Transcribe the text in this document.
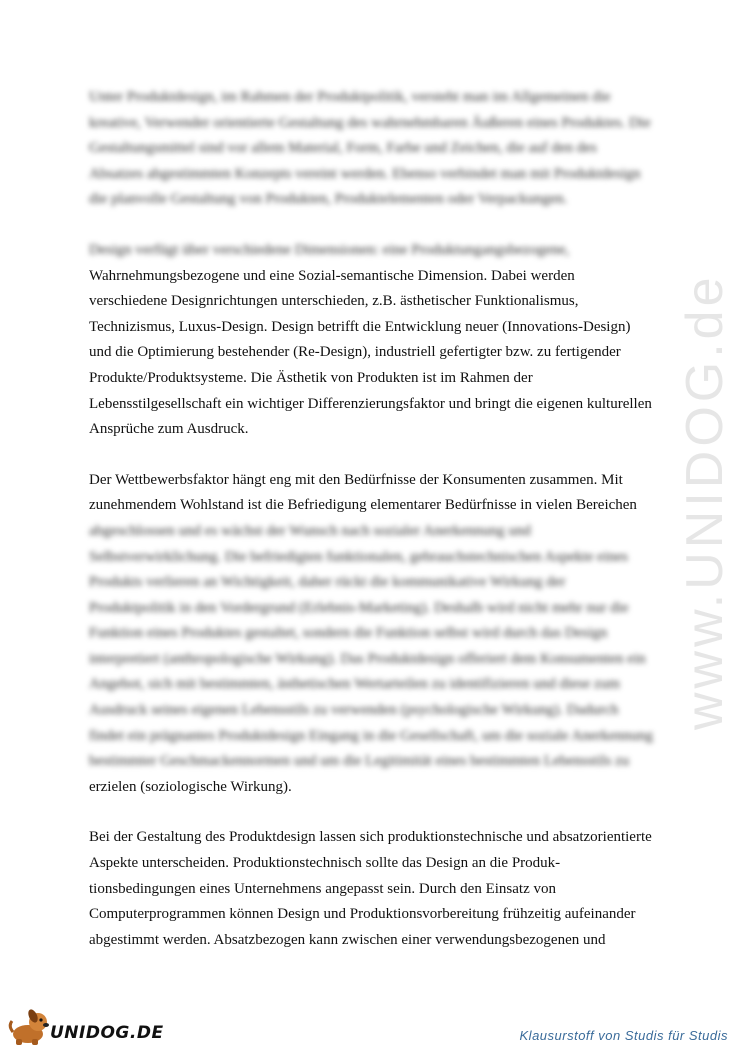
Unter Produktdesign, im Rahmen der Produktpolitik, versteht man im Allgemeinen die

kreative, Verwender orientierte Gestaltung des wahrnehmbaren Äußeren eines Produktes. Die

Gestaltungsmittel sind vor allem Material, Form, Farbe und Zeichen, die auf den des

Absatzes abgestimmten Konzepts vereint werden. Ebenso verbindet man mit Produktdesign

die planvolle Gestaltung von Produkten, Produktelementen oder Verpackungen.

Design verfügt über verschiedene Dimensionen: eine Produktungangsbezogene,

Wahrnehmungsbezogene und eine Sozial-semantische Dimension. Dabei werden

verschiedene Designrichtungen unterschieden, z.B. ästhetischer Funktionalismus,

Technizismus, Luxus-Design. Design betrifft die Entwicklung neuer (Innovations-Design)

und die Optimierung bestehender (Re-Design), industriell gefertigter bzw. zu fertigender

Produkte/Produktsysteme. Die Ästhetik von Produkten ist im Rahmen der

Lebensstilgesellschaft ein wichtiger Differenzierungsfaktor und bringt die eigenen kulturellen

Ansprüche zum Ausdruck.

Der Wettbewerbsfaktor hängt eng mit den Bedürfnisse der Konsumenten zusammen. Mit

zunehmendem Wohlstand ist die Befriedigung elementarer Bedürfnisse in vielen Bereichen

abgeschlossen und es wächst der Wunsch nach sozialer Anerkennung und

Selbstverwirklichung. Die befriedigten funktionalen, gebrauchstechnischen Aspekte eines

Produkts verlieren an Wichtigkeit, daher rückt die kommunikative Wirkung der

Produktpolitik in den Vordergrund (Erlebnis-Marketing). Deshalb wird nicht mehr nur die

Funktion eines Produktes gestaltet, sondern die Funktion selbst wird durch das Design

interpretiert (anthropologische Wirkung). Das Produktdesign offeriert dem Konsumenten ein

Angebot, sich mit bestimmten, ästhetischen Wertarteilen zu identifizieren und diese zum

Ausdruck seines eigenen Lebensstils zu verwenden (psychologische Wirkung). Dadurch

findet ein prägnantes Produktdesign Eingang in die Gesellschaft, um die soziale Anerkennung

bestimmter Geschmackennormen und um die Legitimität eines bestimmten Lebensstils zu

erzielen (soziologische Wirkung).

Bei der Gestaltung des Produktdesign lassen sich produktionstechnische und absatzorientierte

Aspekte unterscheiden. Produktionstechnisch sollte das Design an die Produk-

tionsbedingungen eines Unternehmens angepasst sein. Durch den Einsatz von

Computerprogrammen können Design und Produktionsvorbereitung frühzeitig aufeinander

abgestimmt werden. Absatzbezogen kann zwischen einer verwendungsbezogenen und

www.UNIDOG.de
UNIDOG.DE	Klausurstoff von Studis für Studis
